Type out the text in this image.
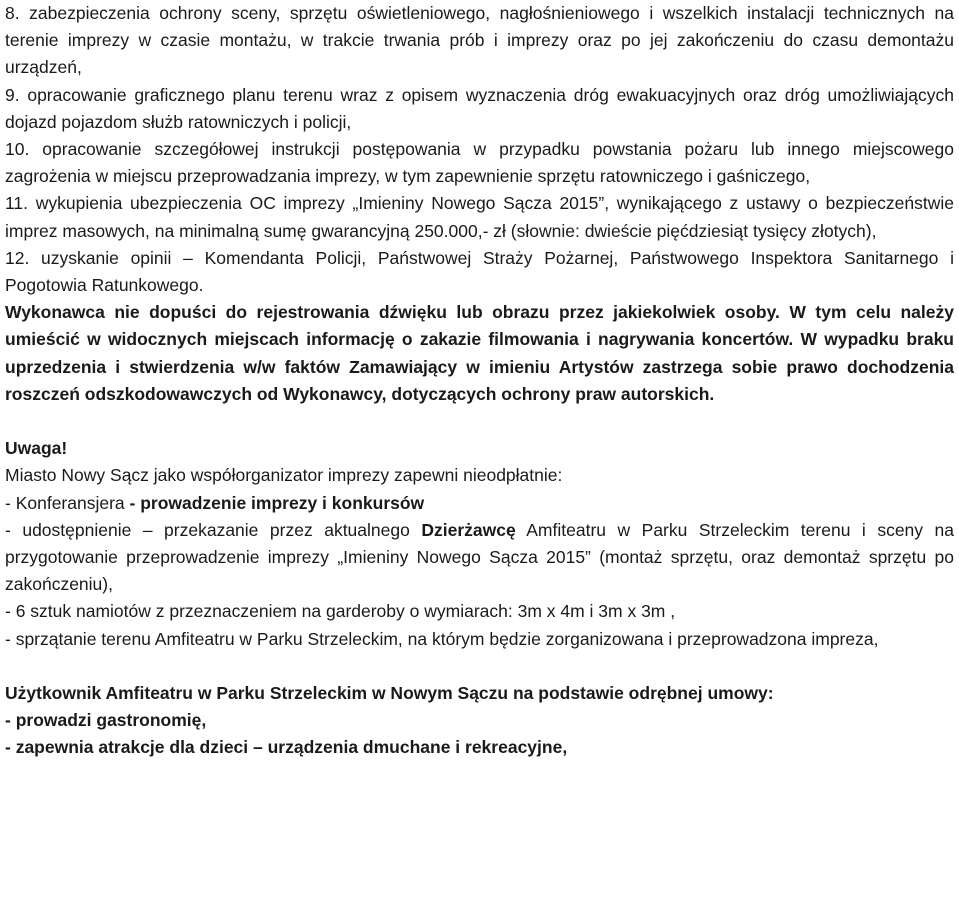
8. zabezpieczenia ochrony sceny, sprzętu oświetleniowego, nagłośnieniowego i wszelkich instalacji technicznych na terenie imprezy w czasie montażu, w trakcie trwania prób i imprezy oraz po jej zakończeniu do czasu demontażu urządzeń,

9. opracowanie graficznego planu terenu wraz z opisem wyznaczenia dróg ewakuacyjnych oraz dróg umożliwiających dojazd pojazdom służb ratowniczych i policji,

10. opracowanie szczegółowej instrukcji postępowania w przypadku powstania pożaru lub innego miejscowego zagrożenia w miejscu przeprowadzania imprezy, w tym zapewnienie sprzętu ratowniczego i gaśniczego,

11. wykupienia ubezpieczenia OC imprezy „Imieniny Nowego Sącza 2015”, wynikającego z ustawy o bezpieczeństwie imprez masowych, na minimalną sumę gwarancyjną 250.000,- zł (słownie: dwieście pięćdziesiąt tysięcy złotych),

12. uzyskanie opinii – Komendanta Policji, Państwowej Straży Pożarnej, Państwowego Inspektora Sanitarnego i Pogotowia Ratunkowego.

Wykonawca nie dopuści do rejestrowania dźwięku lub obrazu przez jakiekolwiek osoby. W tym celu należy umieścić w widocznych miejscach informację o zakazie filmowania i nagrywania koncertów. W wypadku braku uprzedzenia i stwierdzenia w/w faktów Zamawiający w imieniu Artystów zastrzega sobie prawo dochodzenia roszczeń odszkodowawczych od Wykonawcy, dotyczących ochrony praw autorskich.

Uwaga!

Miasto Nowy Sącz jako współorganizator imprezy zapewni nieodpłatnie:

- Konferansjera - prowadzenie imprezy i konkursów

- udostępnienie – przekazanie przez aktualnego Dzierżawcę Amfiteatru w Parku Strzeleckim terenu i sceny na przygotowanie przeprowadzenie imprezy „Imieniny Nowego Sącza 2015” (montaż sprzętu, oraz demontaż sprzętu po zakończeniu),

- 6 sztuk namiotów z przeznaczeniem na garderoby o wymiarach: 3m x 4m i 3m x 3m ,

- sprzątanie terenu Amfiteatru w Parku Strzeleckim, na którym będzie zorganizowana i przeprowadzona impreza,

Użytkownik Amfiteatru w Parku Strzeleckim w Nowym Sączu na podstawie odrębnej umowy:

- prowadzi gastronomię,

- zapewnia atrakcje dla dzieci – urządzenia dmuchane i rekreacyjne,
